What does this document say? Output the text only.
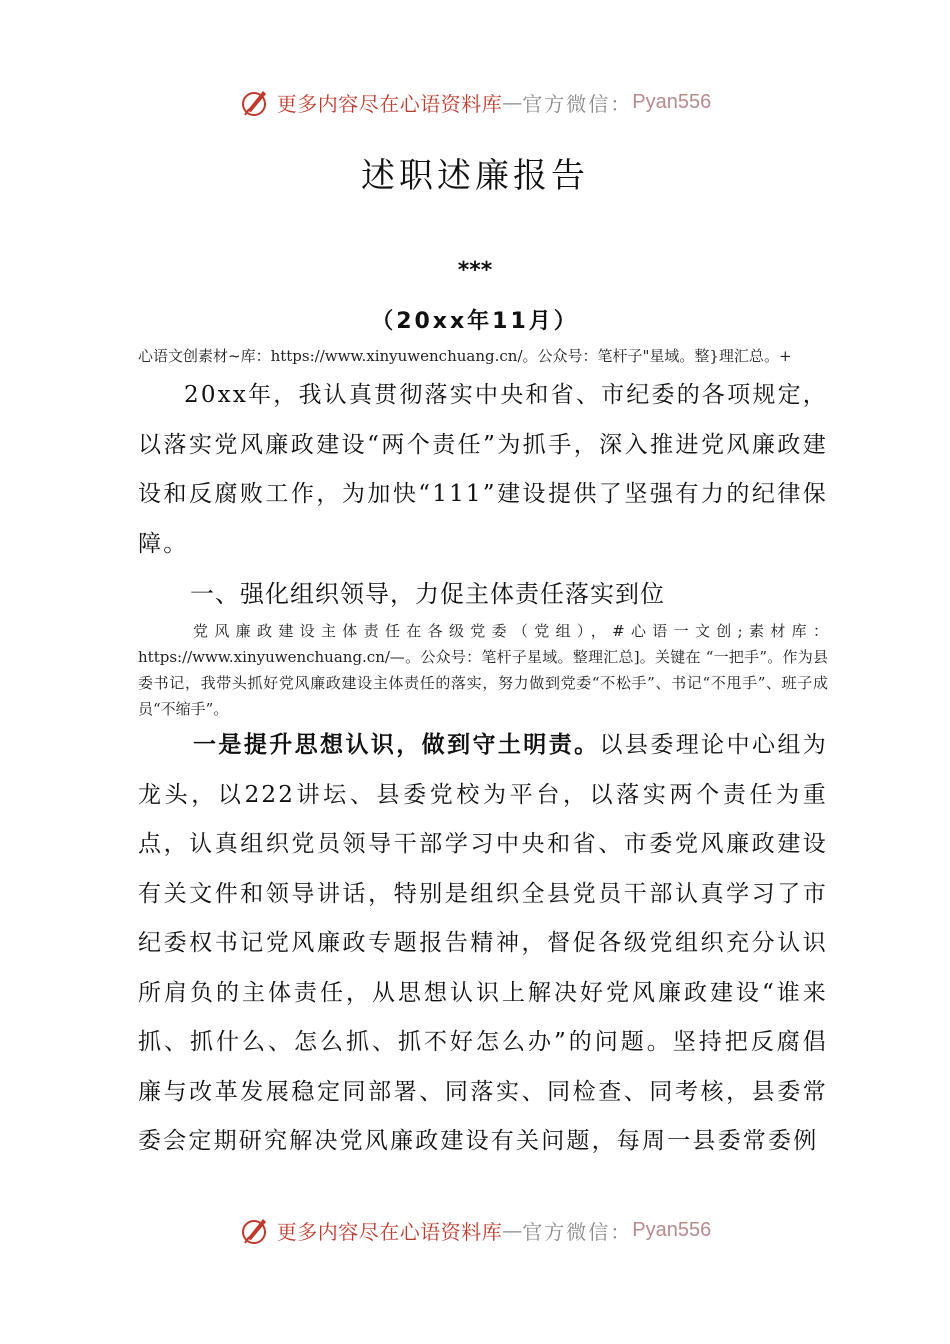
更多内容尽在心语资料库 — 官方微信： Pyan556
述职述廉报告
***
（20xx年11月）
心语文创素材~库：https://www.xinyuwenchuang.cn/。公众号：笔杆子"星域。整}理汇总。+
20xx年，我认真贯彻落实中央和省、市纪委的各项规定，以落实党风廉政建设“两个责任”为抓手，深入推进党风廉政建设和反腐败工作，为加快“111”建设提供了坚强有力的纪律保障。
一、强化组织领导，力促主体责任落实到位
党风廉政建设主体责任在各级党委（党组），#心语一文创;素材库：https://www.xinyuwenchuang.cn/—。公众号：笔杆子星域。整理汇总]。关键在 “一把手”。作为县委书记，我带头抓好党风廉政建设主体责任的落实，努力做到党委“不松手”、书记“不甩手”、班子成员“不缩手”。
一是提升思想认识，做到守土明责。以县委理论中心组为龙头，以222讲坛、县委党校为平台，以落实两个责任为重点，认真组织党员领导干部学习中央和省、市委党风廉政建设有关文件和领导讲话，特别是组织全县党员干部认真学习了市纪委权书记党风廉政专题报告精神，督促各级党组织充分认识所肩负的主体责任，从思想认识上解决好党风廉政建设“谁来抓、抓什么、怎么抓、抓不好怎么办”的问题。坚持把反腐倡廉与改革发展稳定同部署、同落实、同检查、同考核，县委常委会定期研究解决党风廉政建设有关问题，每周一县委常委例
更多内容尽在心语资料库 — 官方微信： Pyan556
